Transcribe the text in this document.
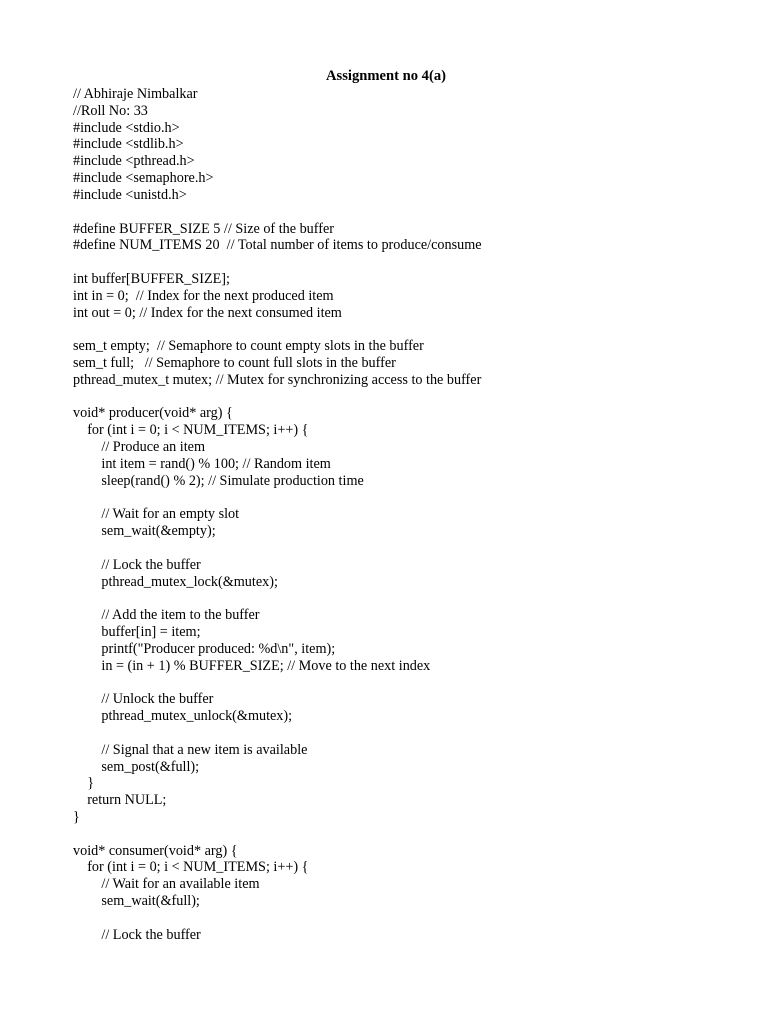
Assignment no 4(a)
// Abhiraje Nimbalkar
//Roll No: 33
#include <stdio.h>
#include <stdlib.h>
#include <pthread.h>
#include <semaphore.h>
#include <unistd.h>
#define BUFFER_SIZE 5 // Size of the buffer
#define NUM_ITEMS 20  // Total number of items to produce/consume
int buffer[BUFFER_SIZE];
int in = 0;  // Index for the next produced item
int out = 0; // Index for the next consumed item
sem_t empty;  // Semaphore to count empty slots in the buffer
sem_t full;   // Semaphore to count full slots in the buffer
pthread_mutex_t mutex; // Mutex for synchronizing access to the buffer
void* producer(void* arg) {
for (int i = 0; i < NUM_ITEMS; i++) {
// Produce an item
int item = rand() % 100; // Random item
sleep(rand() % 2); // Simulate production time
// Wait for an empty slot
sem_wait(&empty);
// Lock the buffer
pthread_mutex_lock(&mutex);
// Add the item to the buffer
buffer[in] = item;
printf("Producer produced: %d\n", item);
in = (in + 1) % BUFFER_SIZE; // Move to the next index
// Unlock the buffer
pthread_mutex_unlock(&mutex);
// Signal that a new item is available
sem_post(&full);
}
return NULL;
}
void* consumer(void* arg) {
for (int i = 0; i < NUM_ITEMS; i++) {
// Wait for an available item
sem_wait(&full);
// Lock the buffer
